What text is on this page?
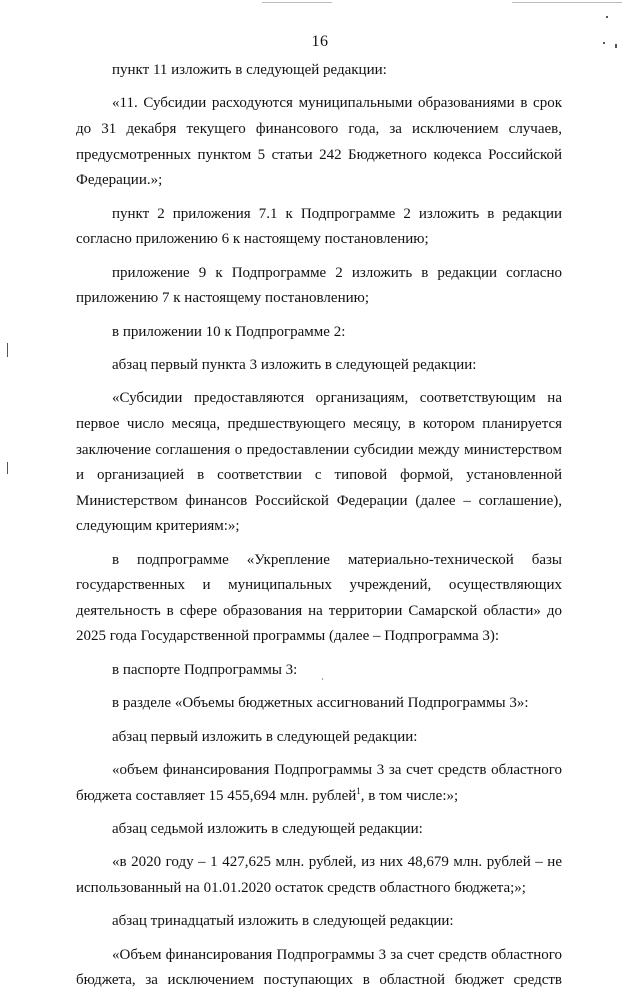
16

пункт 11 изложить в следующей редакции:

«11. Субсидии расходуются муниципальными образованиями в срок до 31 декабря текущего финансового года, за исключением случаев, предусмотренных пунктом 5 статьи 242 Бюджетного кодекса Российской Федерации.»;

пункт 2 приложения 7.1 к Подпрограмме 2 изложить в редакции согласно приложению 6 к настоящему постановлению;

приложение 9 к Подпрограмме 2 изложить в редакции согласно приложению 7 к настоящему постановлению;

в приложении 10 к Подпрограмме 2:

абзац первый пункта 3 изложить в следующей редакции:

«Субсидии предоставляются организациям, соответствующим на первое число месяца, предшествующего месяцу, в котором планируется заключение соглашения о предоставлении субсидии между министерством и организацией в соответствии с типовой формой, установленной Министерством финансов Российской Федерации (далее – соглашение), следующим критериям:»;

в подпрограмме «Укрепление материально-технической базы государственных и муниципальных учреждений, осуществляющих деятельность в сфере образования на территории Самарской области» до 2025 года Государственной программы (далее – Подпрограмма 3):

в паспорте Подпрограммы 3:

в разделе «Объемы бюджетных ассигнований Подпрограммы 3»:

абзац первый изложить в следующей редакции:

«объем финансирования Подпрограммы 3 за счет средств областного бюджета составляет 15 455,694 млн. рублей$^1$, в том числе:»;

абзац седьмой изложить в следующей редакции:

«в 2020 году – 1 427,625 млн. рублей, из них 48,679 млн. рублей – не использованный на 01.01.2020 остаток средств областного бюджета;»;

абзац тринадцатый изложить в следующей редакции:

«Объем финансирования Подпрограммы 3 за счет средств областного бюджета, за исключением поступающих в областной бюджет средств
